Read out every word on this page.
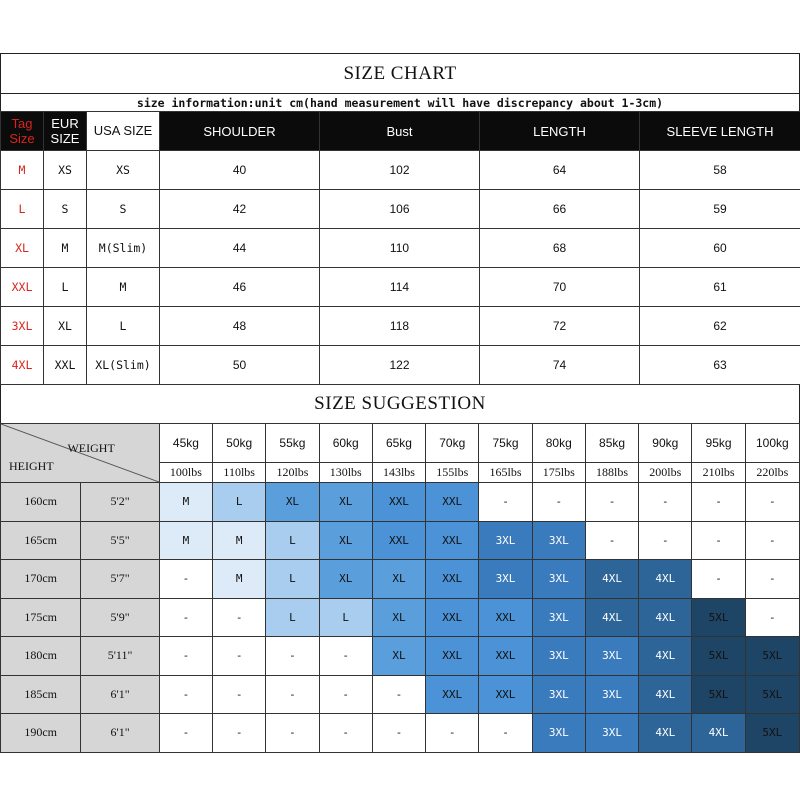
SIZE CHART
size information:unit cm(hand measurement will have discrepancy about 1-3cm)
Tag Size	EUR SIZE	USA SIZE	SHOULDER	Bust	LENGTH	SLEEVE LENGTH
M	XS	XS	40	102	64	58
L	S	S	42	106	66	59
XL	M	M(Slim)	44	110	68	60
XXL	L	M	46	114	70	61
3XL	XL	L	48	118	72	62
4XL	XXL	XL(Slim)	50	122	74	63
SIZE SUGGESTION
WEIGHT
HEIGHT		45kg	50kg	55kg	60kg	65kg	70kg	75kg	80kg	85kg	90kg	95kg	100kg
		100lbs	110lbs	120lbs	130lbs	143lbs	155lbs	165lbs	175lbs	188lbs	200lbs	210lbs	220lbs
160cm	5'2"	M	L	XL	XL	XXL	XXL	-	-	-	-	-	-
165cm	5'5"	M	M	L	XL	XXL	XXL	3XL	3XL	-	-	-	-
170cm	5'7"	-	M	L	XL	XL	XXL	3XL	3XL	4XL	4XL	-	-
175cm	5'9"	-	-	L	L	XL	XXL	XXL	3XL	4XL	4XL	5XL	-
180cm	5'11"	-	-	-	-	XL	XXL	XXL	3XL	3XL	4XL	5XL	5XL
185cm	6'1"	-	-	-	-	-	XXL	XXL	3XL	3XL	4XL	5XL	5XL
190cm	6'1"	-	-	-	-	-	-	-	3XL	3XL	4XL	4XL	5XL
